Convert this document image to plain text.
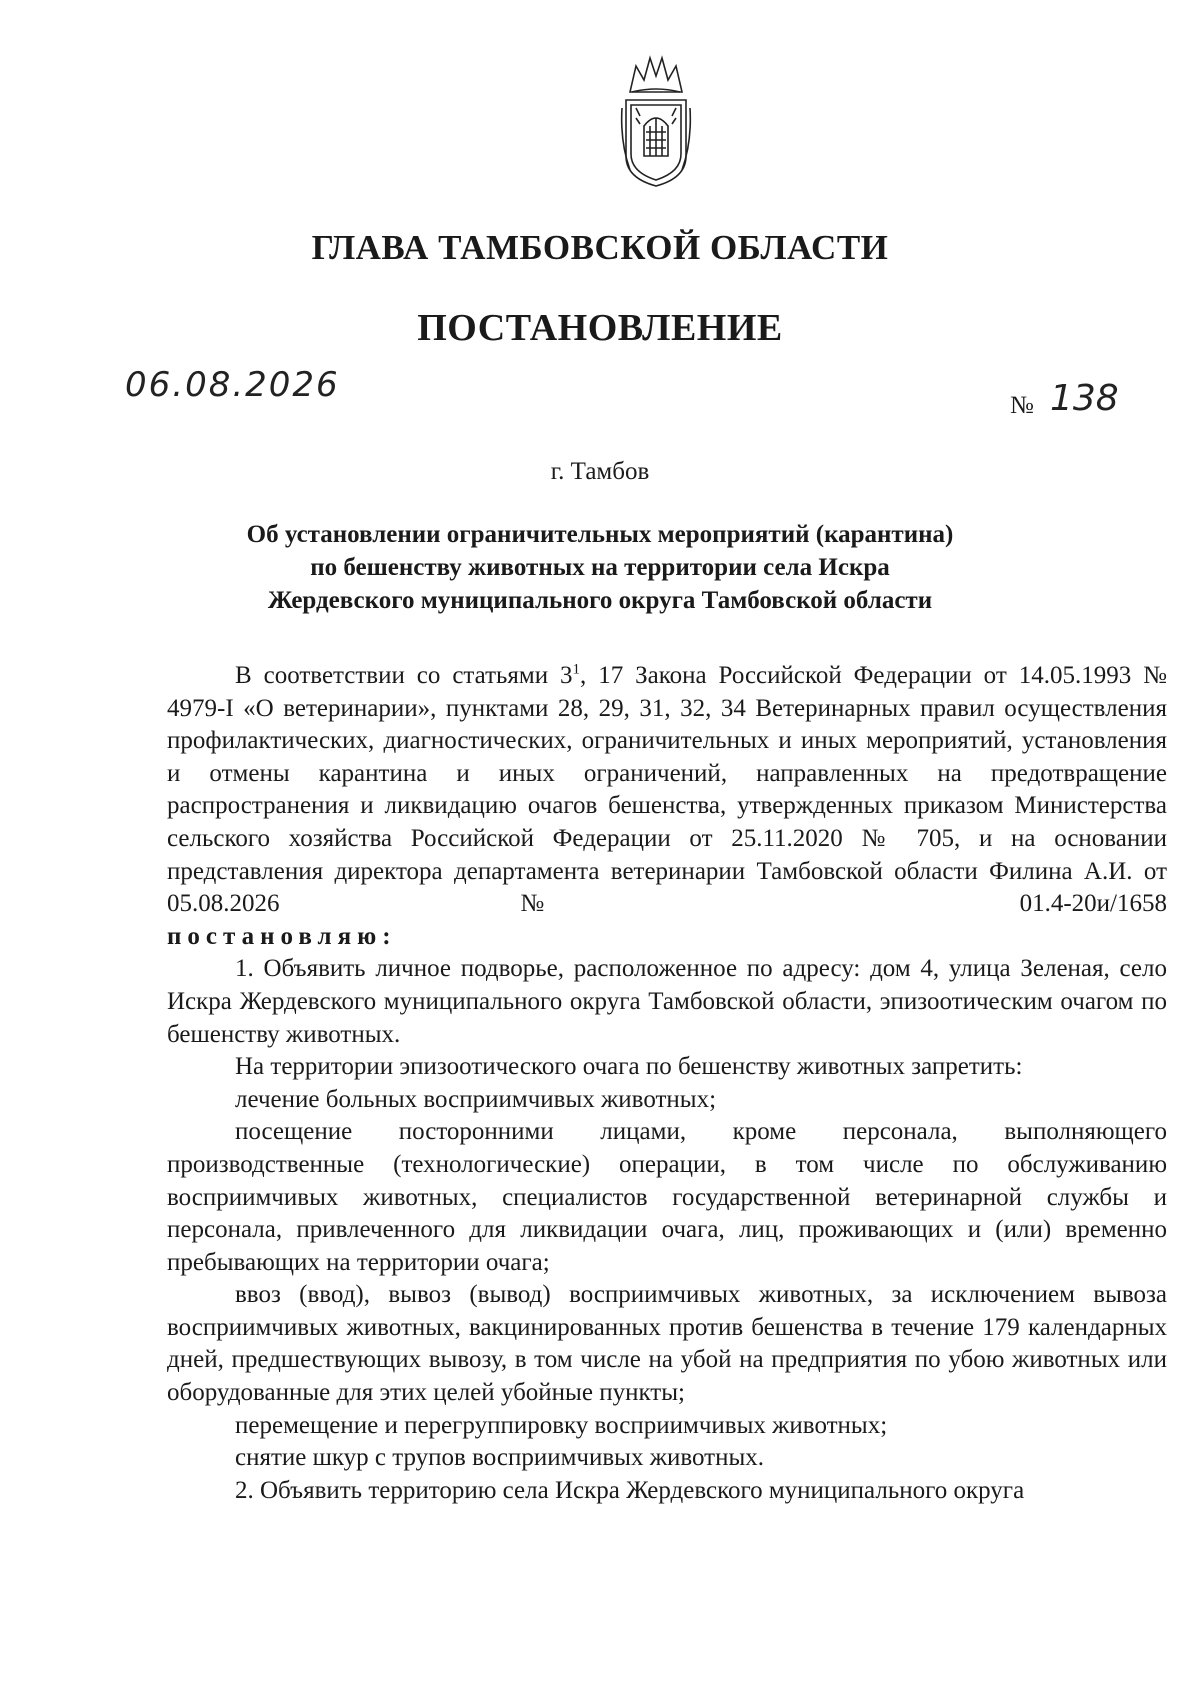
ГЛАВА ТАМБОВСКОЙ ОБЛАСТИ
ПОСТАНОВЛЕНИЕ
06.08.2026
№ 138
г. Тамбов
Об установлении ограничительных мероприятий (карантина)
по бешенству животных на территории села Искра
Жердевского муниципального округа Тамбовской области

В соответствии со статьями $3^1$, 17 Закона Российской Федерации от 14.05.1993 № 4979-I «О ветеринарии», пунктами 28, 29, 31, 32, 34 Ветеринарных правил осуществления профилактических, диагностических, ограничительных и иных мероприятий, установления и отмены карантина и иных ограничений, направленных на предотвращение распространения и ликвидацию очагов бешенства, утвержденных приказом Министерства сельского хозяйства Российской Федерации от 25.11.2020 № 705, и на основании представления директора департамента ветеринарии Тамбовской области Филина А.И. от 05.08.2026 № 01.4-20и/1658

постановляю:

1. Объявить личное подворье, расположенное по адресу: дом 4, улица Зеленая, село Искра Жердевского муниципального округа Тамбовской области, эпизоотическим очагом по бешенству животных.

На территории эпизоотического очага по бешенству животных запретить:

лечение больных восприимчивых животных;

посещение посторонними лицами, кроме персонала, выполняющего производственные (технологические) операции, в том числе по обслуживанию восприимчивых животных, специалистов государственной ветеринарной службы и персонала, привлеченного для ликвидации очага, лиц, проживающих и (или) временно пребывающих на территории очага;

ввоз (ввод), вывоз (вывод) восприимчивых животных, за исключением вывоза восприимчивых животных, вакцинированных против бешенства в течение 179 календарных дней, предшествующих вывозу, в том числе на убой на предприятия по убою животных или оборудованные для этих целей убойные пункты;

перемещение и перегруппировку восприимчивых животных;

снятие шкур с трупов восприимчивых животных.

2. Объявить территорию села Искра Жердевского муниципального округа
